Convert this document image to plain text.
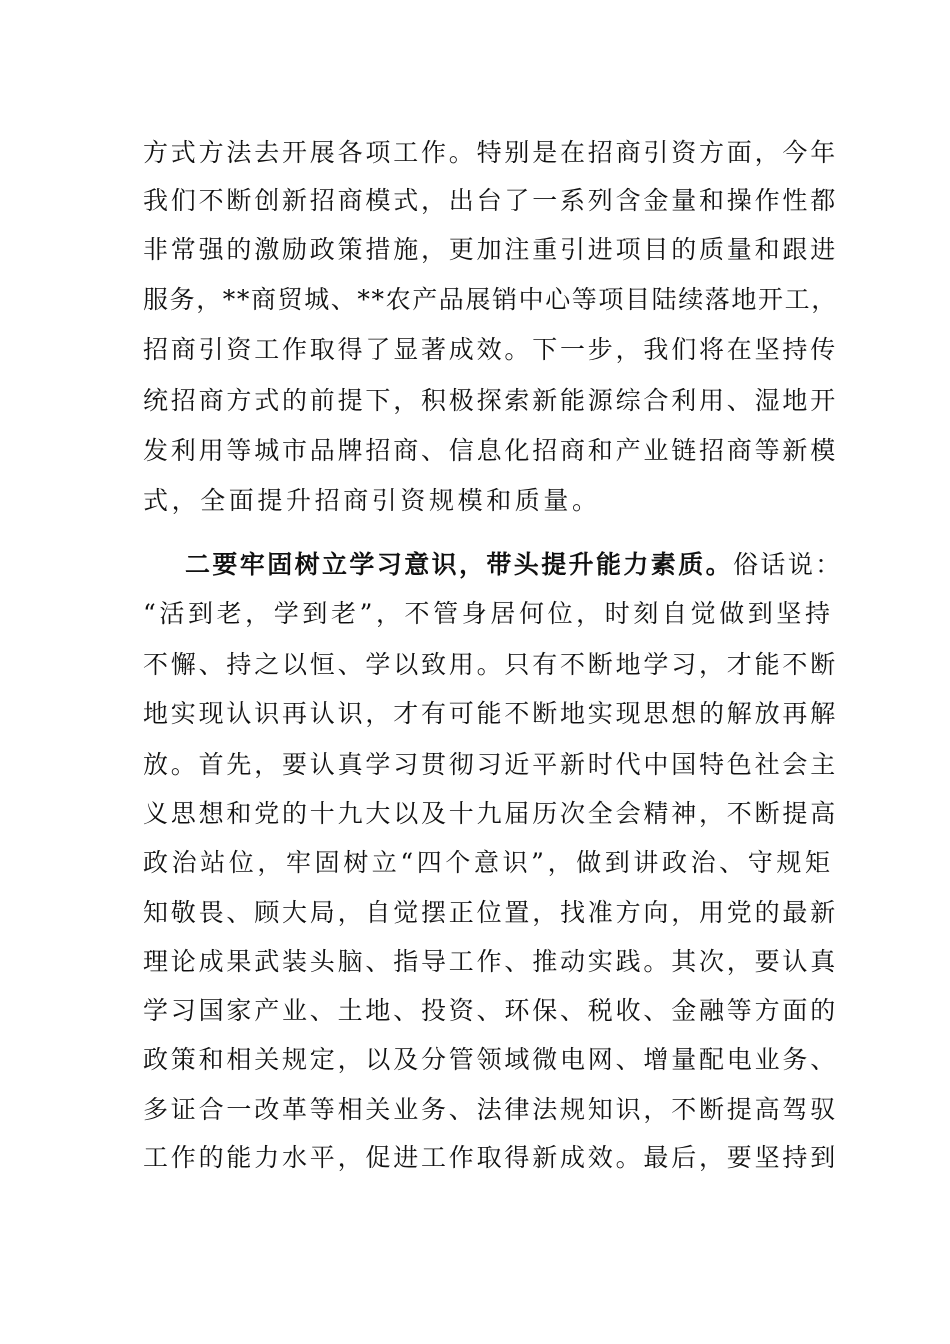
方式方法去开展各项工作。特别是在招商引资方面，今年
我们不断创新招商模式，出台了一系列含金量和操作性都
非常强的激励政策措施，更加注重引进项目的质量和跟进
服务，**商贸城、**农产品展销中心等项目陆续落地开工，
招商引资工作取得了显著成效。下一步，我们将在坚持传
统招商方式的前提下，积极探索新能源综合利用、湿地开
发利用等城市品牌招商、信息化招商和产业链招商等新模
式，全面提升招商引资规模和质量。
二要牢固树立学习意识，带头提升能力素质。俗话说：
“活到老，学到老”，不管身居何位，时刻自觉做到坚持
不懈、持之以恒、学以致用。只有不断地学习，才能不断
地实现认识再认识，才有可能不断地实现思想的解放再解
放。首先，要认真学习贯彻习近平新时代中国特色社会主
义思想和党的十九大以及十九届历次全会精神，不断提高
政治站位，牢固树立“四个意识”，做到讲政治、守规矩
知敬畏、顾大局，自觉摆正位置，找准方向，用党的最新
理论成果武装头脑、指导工作、推动实践。其次，要认真
学习国家产业、土地、投资、环保、税收、金融等方面的
政策和相关规定，以及分管领域微电网、增量配电业务、
多证合一改革等相关业务、法律法规知识，不断提高驾驭
工作的能力水平，促进工作取得新成效。最后，要坚持到
